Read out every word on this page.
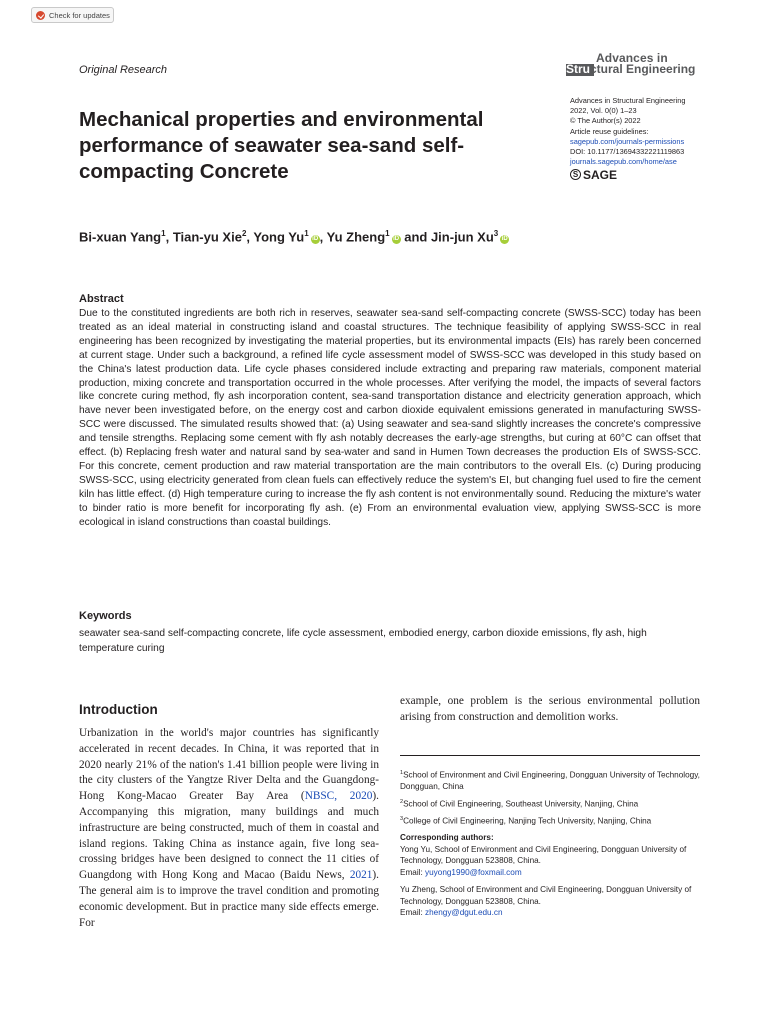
Check for updates
Original Research
Advances in
Structural Engineering
Mechanical properties and environmental performance of seawater sea-sand self-compacting Concrete
Advances in Structural Engineering
2022, Vol. 0(0) 1–23
© The Author(s) 2022
Article reuse guidelines:
sagepub.com/journals-permissions
DOI: 10.1177/13694332221119863
journals.sagepub.com/home/ase
S SAGE
Bi-xuan Yang$^1$, Tian-yu Xie$^2$, Yong Yu$^1$iD , Yu Zheng$^1$iD and Jin-jun Xu$^3$iD
Abstract

Due to the constituted ingredients are both rich in reserves, seawater sea-sand self-compacting concrete (SWSS-SCC) today has been treated as an ideal material in constructing island and coastal structures. The technique feasibility of applying SWSS-SCC in real engineering has been recognized by investigating the material properties, but its environmental impacts (EIs) has rarely been concerned at current stage. Under such a background, a refined life cycle assessment model of SWSS-SCC was developed in this study based on the China's latest production data. Life cycle phases considered include extracting and preparing raw materials, component material production, mixing concrete and transportation occurred in the whole processes. After verifying the model, the impacts of several factors like concrete curing method, fly ash incorporation content, sea-sand transportation distance and electricity generation approach, which have never been investigated before, on the energy cost and carbon dioxide equivalent emissions generated in manufacturing SWSS-SCC were discussed. The simulated results showed that: (a) Using seawater and sea-sand slightly increases the concrete's compressive and tensile strengths. Replacing some cement with fly ash notably decreases the early-age strengths, but curing at 60°C can offset that effect. (b) Replacing fresh water and natural sand by sea-water and sand in Humen Town decreases the production EIs of SWSS-SCC. For this concrete, cement production and raw material transportation are the main contributors to the overall EIs. (c) During producing SWSS-SCC, using electricity generated from clean fuels can effectively reduce the system's EI, but changing fuel used to fire the cement kiln has little effect. (d) High temperature curing to increase the fly ash content is not environmentally sound. Reducing the mixture's water to binder ratio is more benefit for incorporating fly ash. (e) From an environmental evaluation view, applying SWSS-SCC is more ecological in island constructions than coastal buildings.

Keywords

seawater sea-sand self-compacting concrete, life cycle assessment, embodied energy, carbon dioxide emissions, fly ash, high temperature curing

Introduction

Urbanization in the world's major countries has significantly accelerated in recent decades. In China, it was reported that in 2020 nearly 21% of the nation's 1.41 billion people were living in the city clusters of the Yangtze River Delta and the Guangdong-Hong Kong-Macao Greater Bay Area (NBSC, 2020). Accompanying this migration, many buildings and much infrastructure are being constructed, much of them in coastal and island regions. Taking China as instance again, five long sea-crossing bridges have been designed to connect the 11 cities of Guangdong with Hong Kong and Macao (Baidu News, 2021). The general aim is to improve the travel condition and promoting economic development. But in practice many side effects emerge. For

example, one problem is the serious environmental pollution arising from construction and demolition works.

$^1$School of Environment and Civil Engineering, Dongguan University of Technology, Dongguan, China
$^2$School of Civil Engineering, Southeast University, Nanjing, China
$^3$College of Civil Engineering, Nanjing Tech University, Nanjing, China
Corresponding authors:
Yong Yu, School of Environment and Civil Engineering, Dongguan University of Technology, Dongguan 523808, China.
Email: yuyong1990@foxmail.com
Yu Zheng, School of Environment and Civil Engineering, Dongguan University of Technology, Dongguan 523808, China.
Email: zhengy@dgut.edu.cn
